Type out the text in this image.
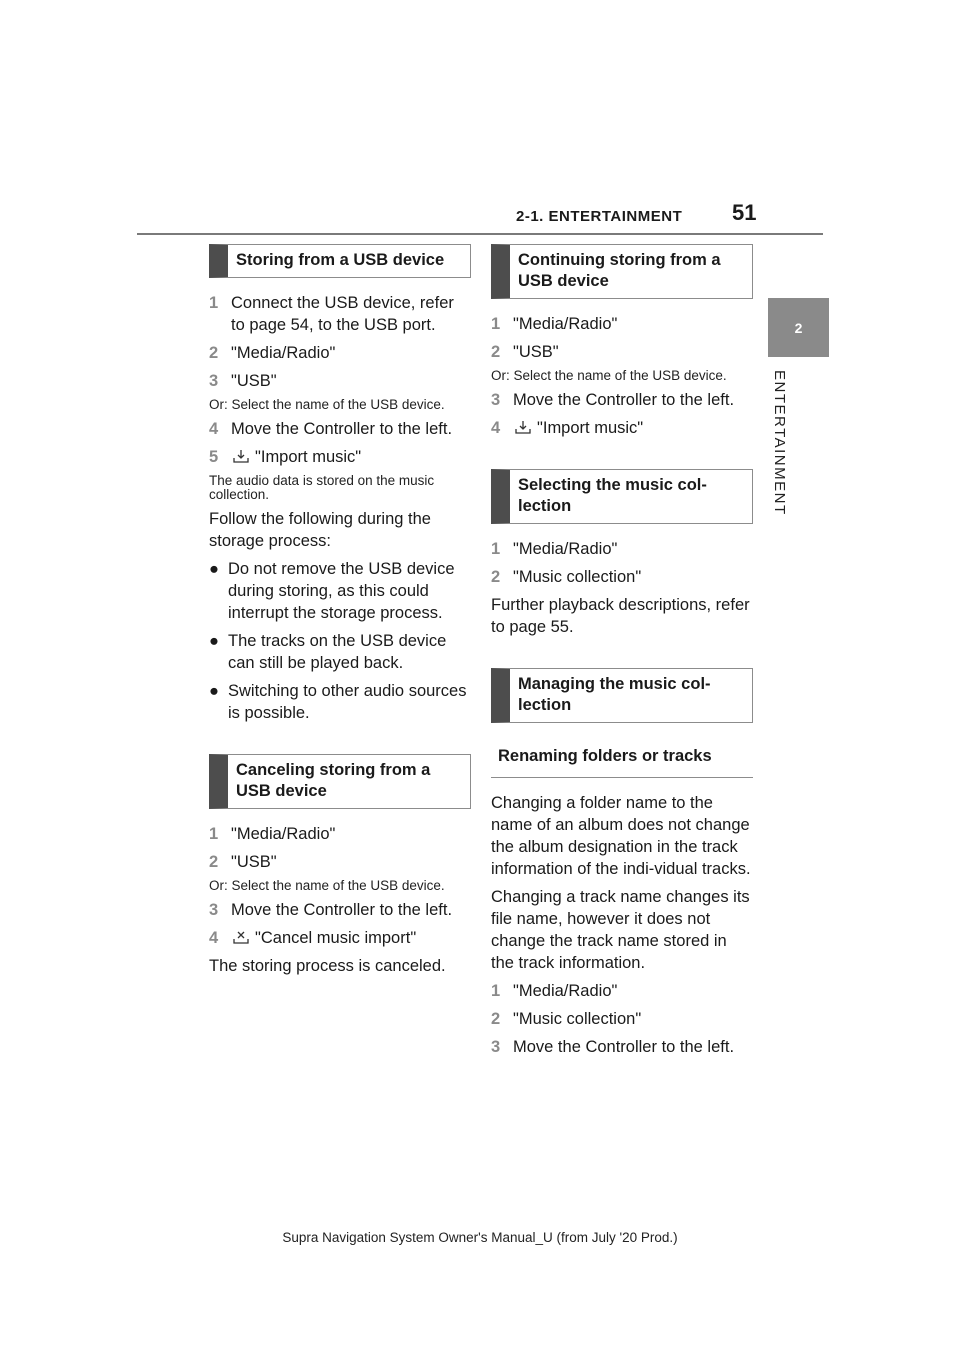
2-1. ENTERTAINMENT 51
2
ENTERTAINMENT
Storing from a USB device
1 Connect the USB device, refer to page 54, to the USB port.
2 "Media/Radio"
3 "USB"
Or: Select the name of the USB device.
4 Move the Controller to the left.
5	"Import music"
The audio data is stored on the music collection.
Follow the following during the storage process:
● Do not remove the USB device during storing, as this could interrupt the storage process.
● The tracks on the USB device can still be played back.
● Switching to other audio sources is possible.
Canceling storing from a USB device
1 "Media/Radio"
2 "USB"
Or: Select the name of the USB device.
3 Move the Controller to the left.
4	"Cancel music import"
The storing process is canceled.
Continuing storing from a USB device
1 "Media/Radio"
2 "USB"
Or: Select the name of the USB device.
3 Move the Controller to the left.
4	"Import music"
Selecting the music col-lection
1 "Media/Radio"
2 "Music collection"
Further playback descriptions, refer to page 55.
Managing the music col-lection
Renaming folders or tracks
Changing a folder name to the name of an album does not change the album designation in the track information of the indi-vidual tracks.
Changing a track name changes its file name, however it does not change the track name stored in the track information.
1 "Media/Radio"
2 "Music collection"
3 Move the Controller to the left.
Supra Navigation System Owner's Manual_U (from July '20 Prod.)
